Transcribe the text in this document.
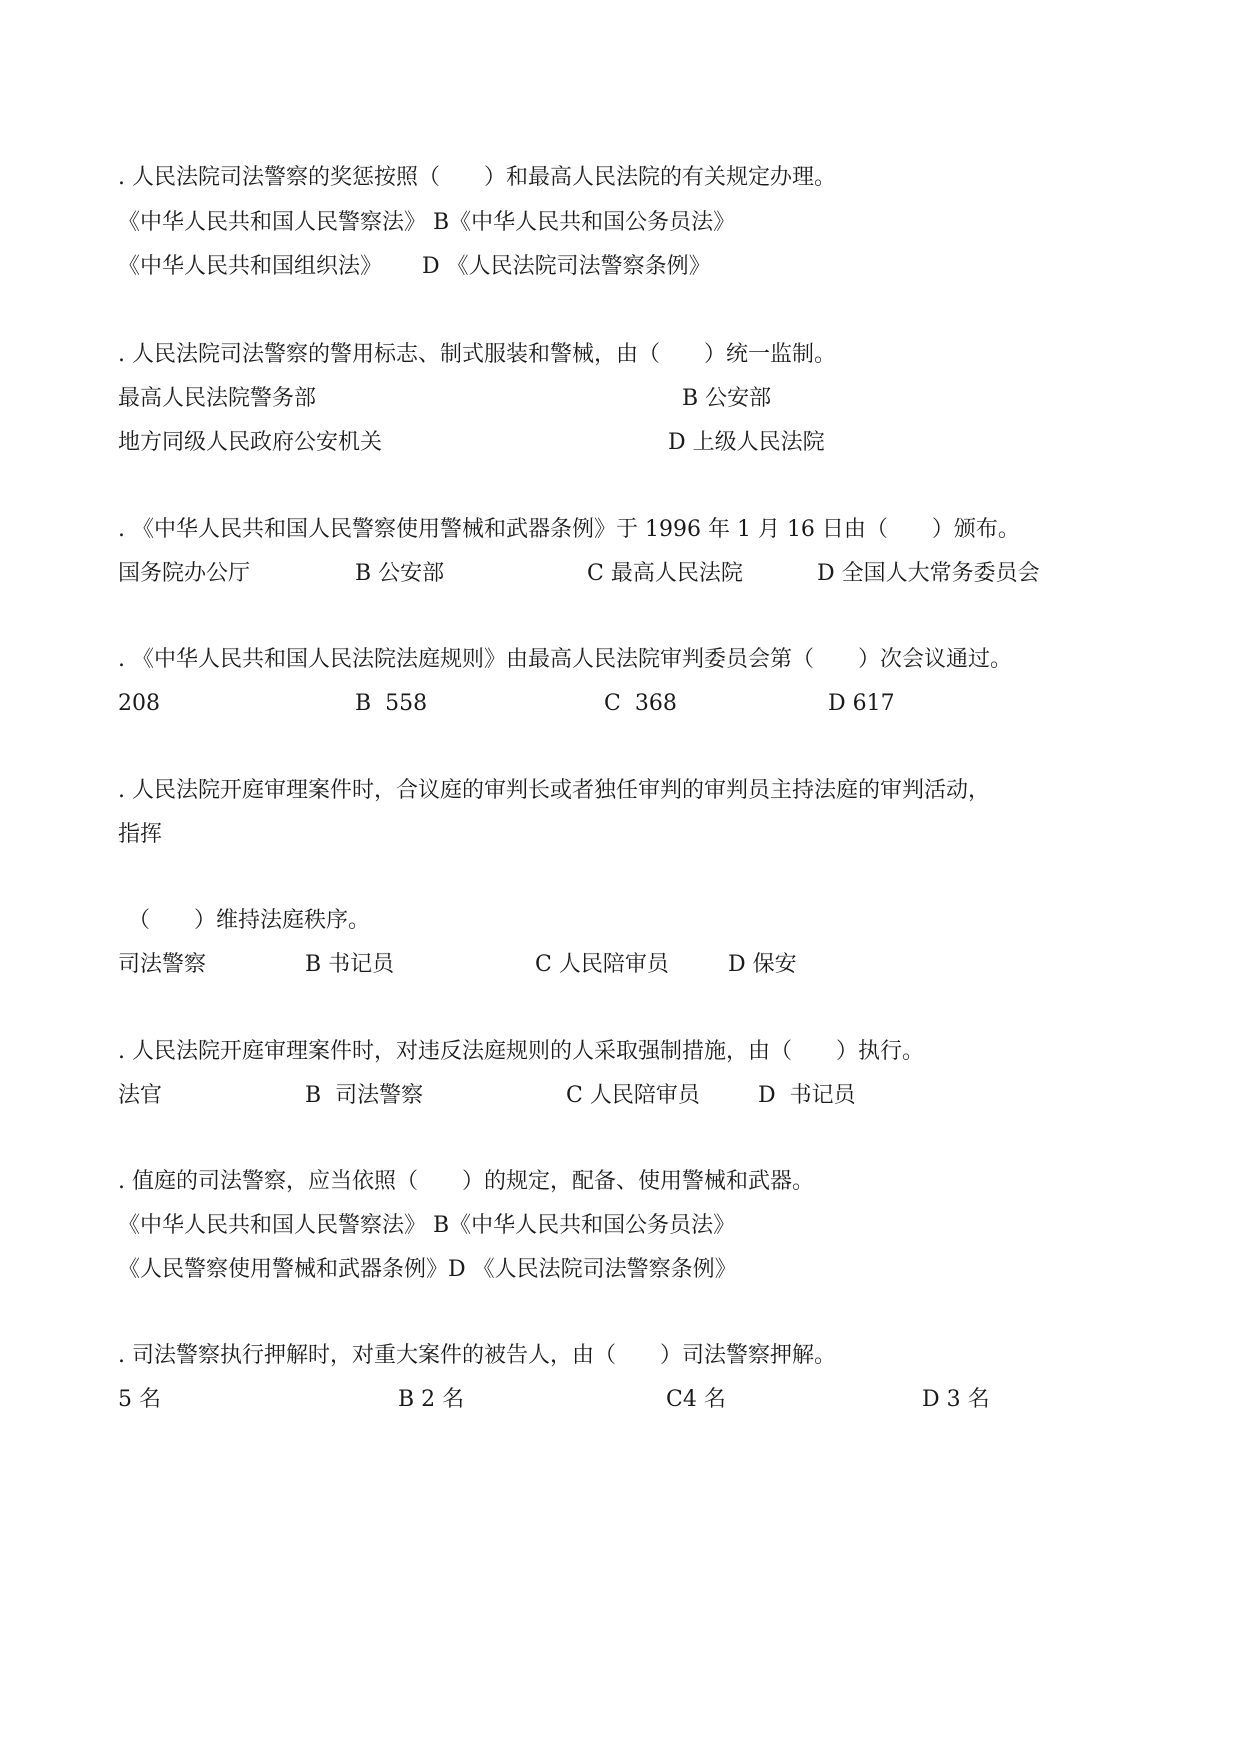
. 人民法院司法警察的奖惩按照（　　）和最高人民法院的有关规定办理。
《中华人民共和国人民警察法》 B《中华人民共和国公务员法》
《中华人民共和国组织法》　　 D 《人民法院司法警察条例》
. 人民法院司法警察的警用标志、制式服装和警械，由（　　）统一监制。
最高人民法院警务部	B 公安部
地方同级人民政府公安机关	D 上级人民法院
. 《中华人民共和国人民警察使用警械和武器条例》于 1996 年 1 月 16 日由（　　）颁布。
国务院办公厅	B 公安部	C 最高人民法院	D 全国人大常务委员会
. 《中华人民共和国人民法院法庭规则》由最高人民法院审判委员会第（　　）次会议通过。
208	B  558	C  368	D 617
. 人民法院开庭审理案件时，合议庭的审判长或者独任审判的审判员主持法庭的审判活动，
指挥
（　　）维持法庭秩序。
司法警察	B 书记员	C 人民陪审员	D 保安
. 人民法院开庭审理案件时，对违反法庭规则的人采取强制措施，由（　　）执行。
法官	B  司法警察	C 人民陪审员	D  书记员
. 值庭的司法警察，应当依照（　　）的规定，配备、使用警械和武器。
《中华人民共和国人民警察法》 B《中华人民共和国公务员法》
《人民警察使用警械和武器条例》D 《人民法院司法警察条例》
. 司法警察执行押解时，对重大案件的被告人，由（　　）司法警察押解。
5 名	B 2 名	C4 名	D 3 名
